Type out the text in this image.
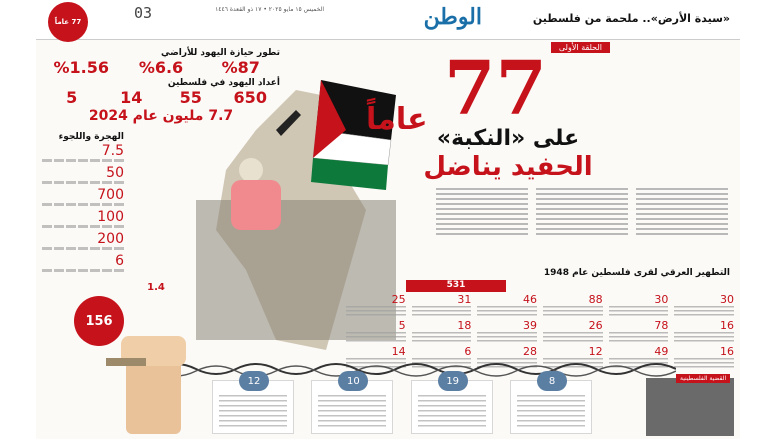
«سيدة الأرض».. ملحمة من فلسطين
الوطن
03	الخميس ١٥ مايو ٢٠٢٥ • ١٧ ذو القعدة ١٤٤٦
77 عاماً
الحلقة الأولى
تطور حيازة اليهود للأراضي
%87
%6.6
%1.56
أعداد اليهود في فلسطين
650
55
14
5
7.7 مليون عام 2024
الهجرة واللجوء
7.5
50
700
100
200
6
1.4
156
77
عاماً
على «النكبة»
الحفيد يناضل
التطهير العرقي لقرى فلسطين عام 1948
531
30
30
88
46
31
25
16
78
26
39
18
5
16
49
12
28
6
14
8
19
10
12	القضية الفلسطينية
